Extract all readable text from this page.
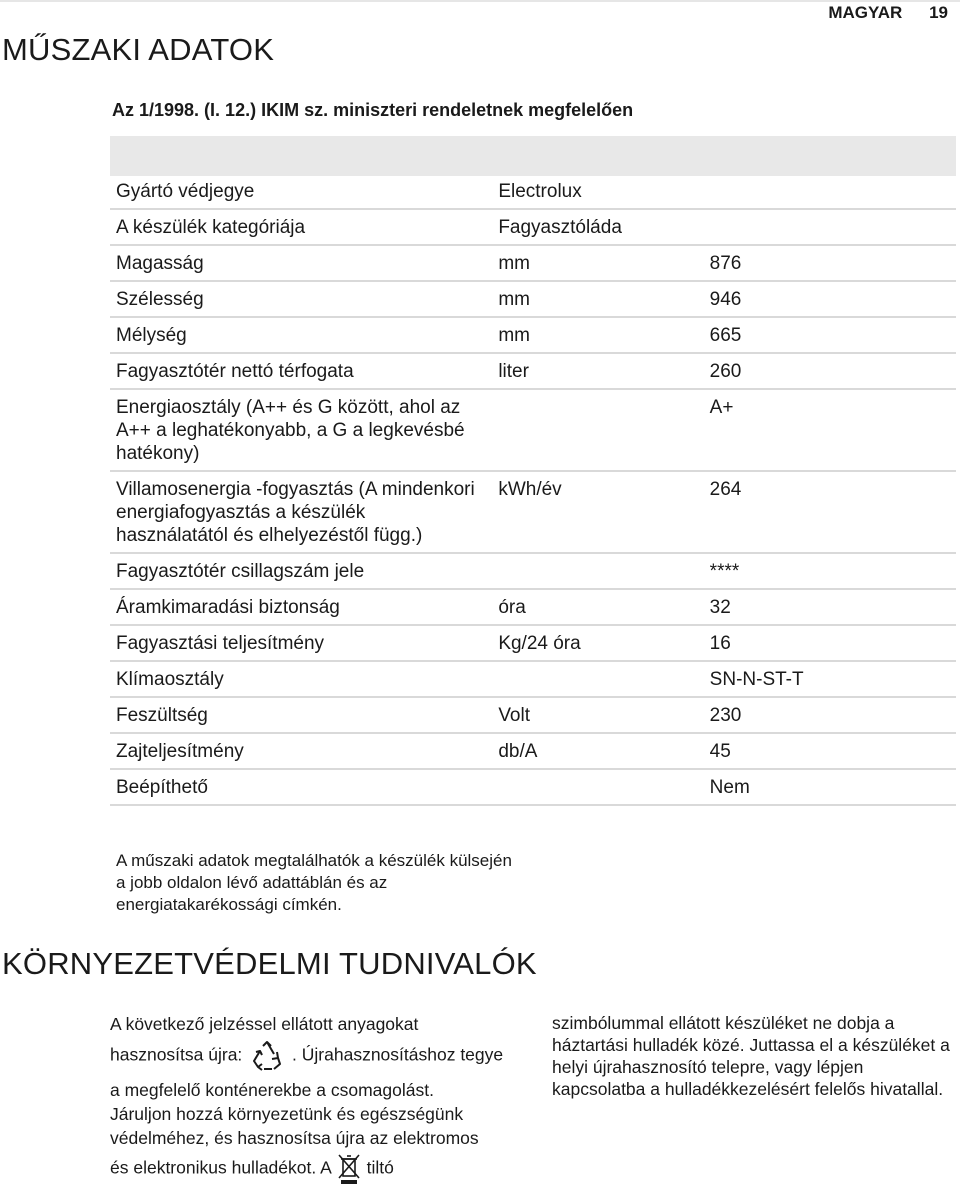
MAGYAR 19
MŰSZAKI ADATOK
Az 1/1998. (I. 12.) IKIM sz. miniszteri rendeletnek megfelelően
Gyártó védjegye	Electrolux	
A készülék kategóriája	Fagyasztóláda	
Magasság	mm	876
Szélesség	mm	946
Mélység	mm	665
Fagyasztótér nettó térfogata	liter	260
Energiaosztály (A++ és G között, ahol az A++ a leghatékonyabb, a G a legkevésbé hatékony)		A+
Villamosenergia -fogyasztás (A mindenkori energiafogyasztás a készülék használatától és elhelyezéstől függ.)	kWh/év	264
Fagyasztótér csillagszám jele		****
Áramkimaradási biztonság	óra	32
Fagyasztási teljesítmény	Kg/24 óra	16
Klímaosztály		SN-N-ST-T
Feszültség	Volt	230
Zajteljesítmény	db/A	45
Beépíthető		Nem
A műszaki adatok megtalálhatók a készülék külsején a jobb oldalon lévő adattáblán és az energiatakarékossági címkén.
KÖRNYEZETVÉDELMI TUDNIVALÓK

A következő jelzéssel ellátott anyagokat

hasznosítsa újra:	. Újrahasznosításhoz tegye

a megfelelő konténerekbe a csomagolást.

Járuljon hozzá környezetünk és egészségünk

védelméhez, és hasznosítsa újra az elektromos

és elektronikus hulladékot. A tiltó

szimbólummal ellátott készüléket ne dobja a háztartási hulladék közé. Juttassa el a készüléket a helyi újrahasznosító telepre, vagy lépjen kapcsolatba a hulladékkezelésért felelős hivatallal.
